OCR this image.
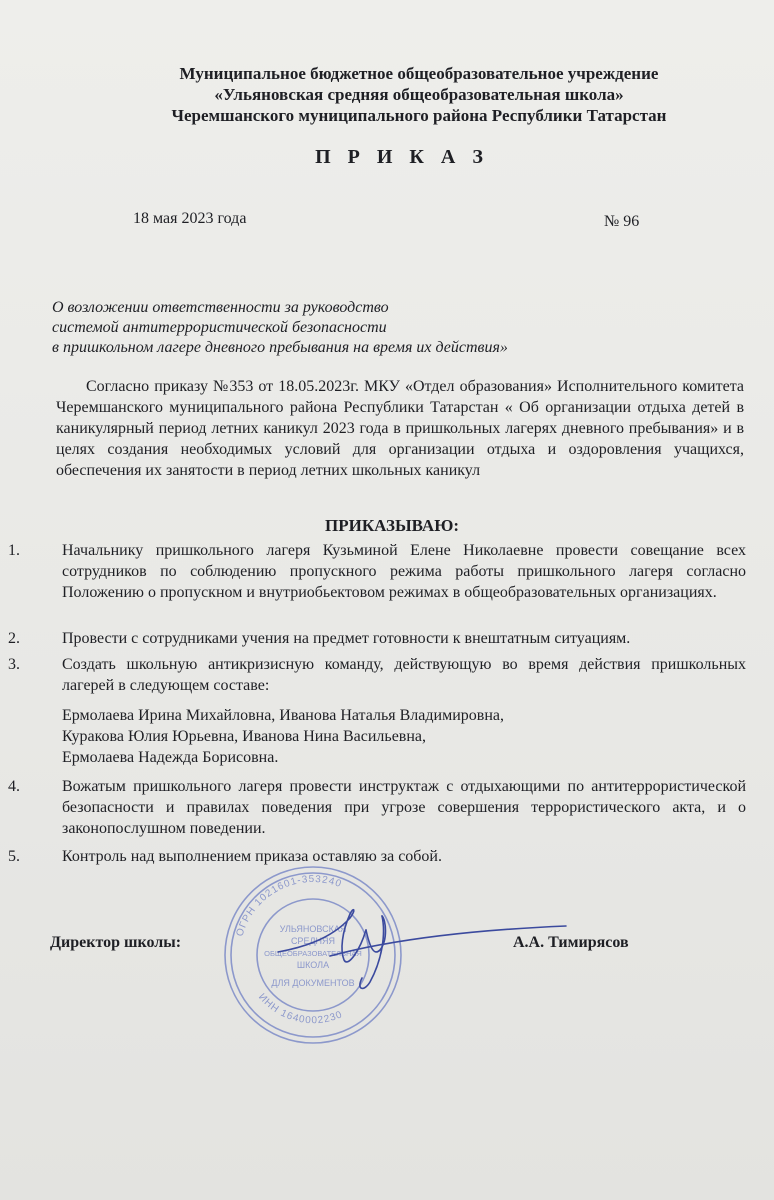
Муниципальное бюджетное общеобразовательное учреждение
«Ульяновская средняя общеобразовательная школа»
Черемшанского муниципального района Республики Татарстан
П Р И К А З
18 мая 2023 года	№ 96
О возложении ответственности за руководство
системой антитеррористической безопасности
в пришкольном лагере дневного пребывания на время их действия»
Согласно приказу №353 от 18.05.2023г. МКУ «Отдел образования» Исполнительного комитета Черемшанского муниципального района Республики Татарстан « Об организации отдыха детей в каникулярный период летних каникул 2023 года в пришкольных лагерях дневного пребывания» и в целях создания необходимых условий для организации отдыха и оздоровления учащихся, обеспечения их занятости в период летних школьных каникул
ПРИКАЗЫВАЮ:
1.	Начальнику пришкольного лагеря Кузьминой Елене Николаевне провести совещание всех сотрудников по соблюдению пропускного режима работы пришкольного лагеря согласно Положению о пропускном и внутриобьектовом режимах в общеобразовательных организациях.
2.	Провести с сотрудниками учения на предмет готовности к внештатным ситуациям.
3.	Создать школьную антикризисную команду, действующую во время действия пришкольных лагерей в следующем составе:
Ермолаева Ирина Михайловна, Иванова Наталья Владимировна,
Куракова Юлия Юрьевна, Иванова Нина Васильевна,
Ермолаева Надежда Борисовна.
4.	Вожатым пришкольного лагеря провести инструктаж с отдыхающими по антитеррористической безопасности и правилах поведения при угрозе совершения террористического акта, и о законопослушном поведении.
5.	Контроль над выполнением приказа оставляю за собой.
ОГРН 1021601-353240
ИНН 1640002230
УЛЬЯНОВСКАЯ
СРЕДНЯЯ
ОБЩЕОБРАЗОВАТЕЛЬНАЯ
ШКОЛА
ДЛЯ ДОКУМЕНТОВ
Директор школы:	А.А. Тимирясов
